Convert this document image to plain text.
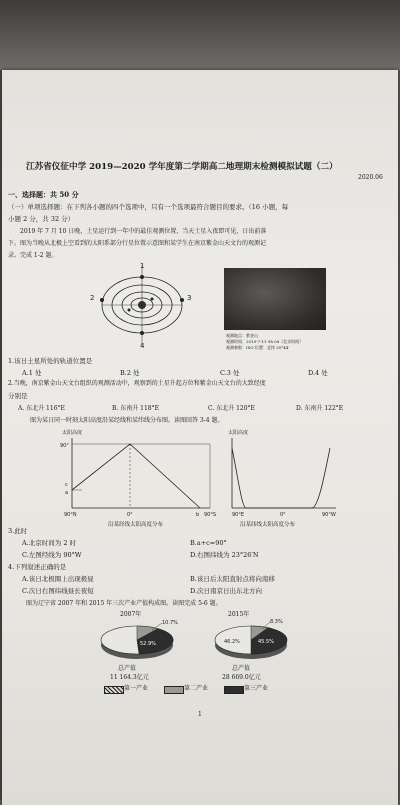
江苏省仪征中学 2019—2020 学年度第二学期高二地理期末检测模拟试题（二）
2020.06
一、选择题：共 50 分
（一）单项选择题：在下列各小题的四个选项中，只有一个选项最符合题目的要求。（16 小题，每
小题 2 分，共 32 分）
2019 年 7 月 10 日晚，土星运行到一年中的最佳观测位置，当天土星入夜即可见，日出前落
下。图为当晚从北极上空看到的太阳系部分行星位置示意图和某学生在南京紫金山天文台的观测记
录。完成 1-2 题。
1
2	3
4
观测地点：紫金山
观测时间：2019-7-11 9h 08（北京时间）
观测参数：ISO 位置：北纬 35°44′
1.该日土星所处的轨道位置是
A.1 处	B.2 处	C.3 处	D.4 处
2.当晚，南京紫金山天文台组织的观测活动中，观察到的土星升起方位和紫金山天文台的大致经度
分别是
A. 东北升 116°E	B. 东南升 118°E	C. 东北升 120°E	D. 东南升 122°E
图为某日同一时刻太阳高度沿某经线和某纬线分布图。读图回答 3-4 题。
太阳高度
90°
c
a
90°N	0°	b 90°S
沿某经线太阳高度分布
太阳高度
90°E	0°	90°W
沿某纬线太阳高度分布
3.此时
A.北京时间为 2 时	B.a+c=90°
C.左图经线为 90°W	D.右图纬线为 23°26′N
4.下列叙述正确的是
A.该日北极圈上出现极昼	B.该日后太阳直射点将向南移
C.次日右图纬线昼长夜短	D.次日南京日出东北方向
图为辽宁省 2007 年和 2015 年三次产业产值构成图。读图完成 5-6 题。
2007年
10.7%
52.9%
总产值
11 164.3亿元
2015年
8.3%
45.5%
46.2%
总产值
28 669.0亿元
第一产业	第二产业	第三产业
1
